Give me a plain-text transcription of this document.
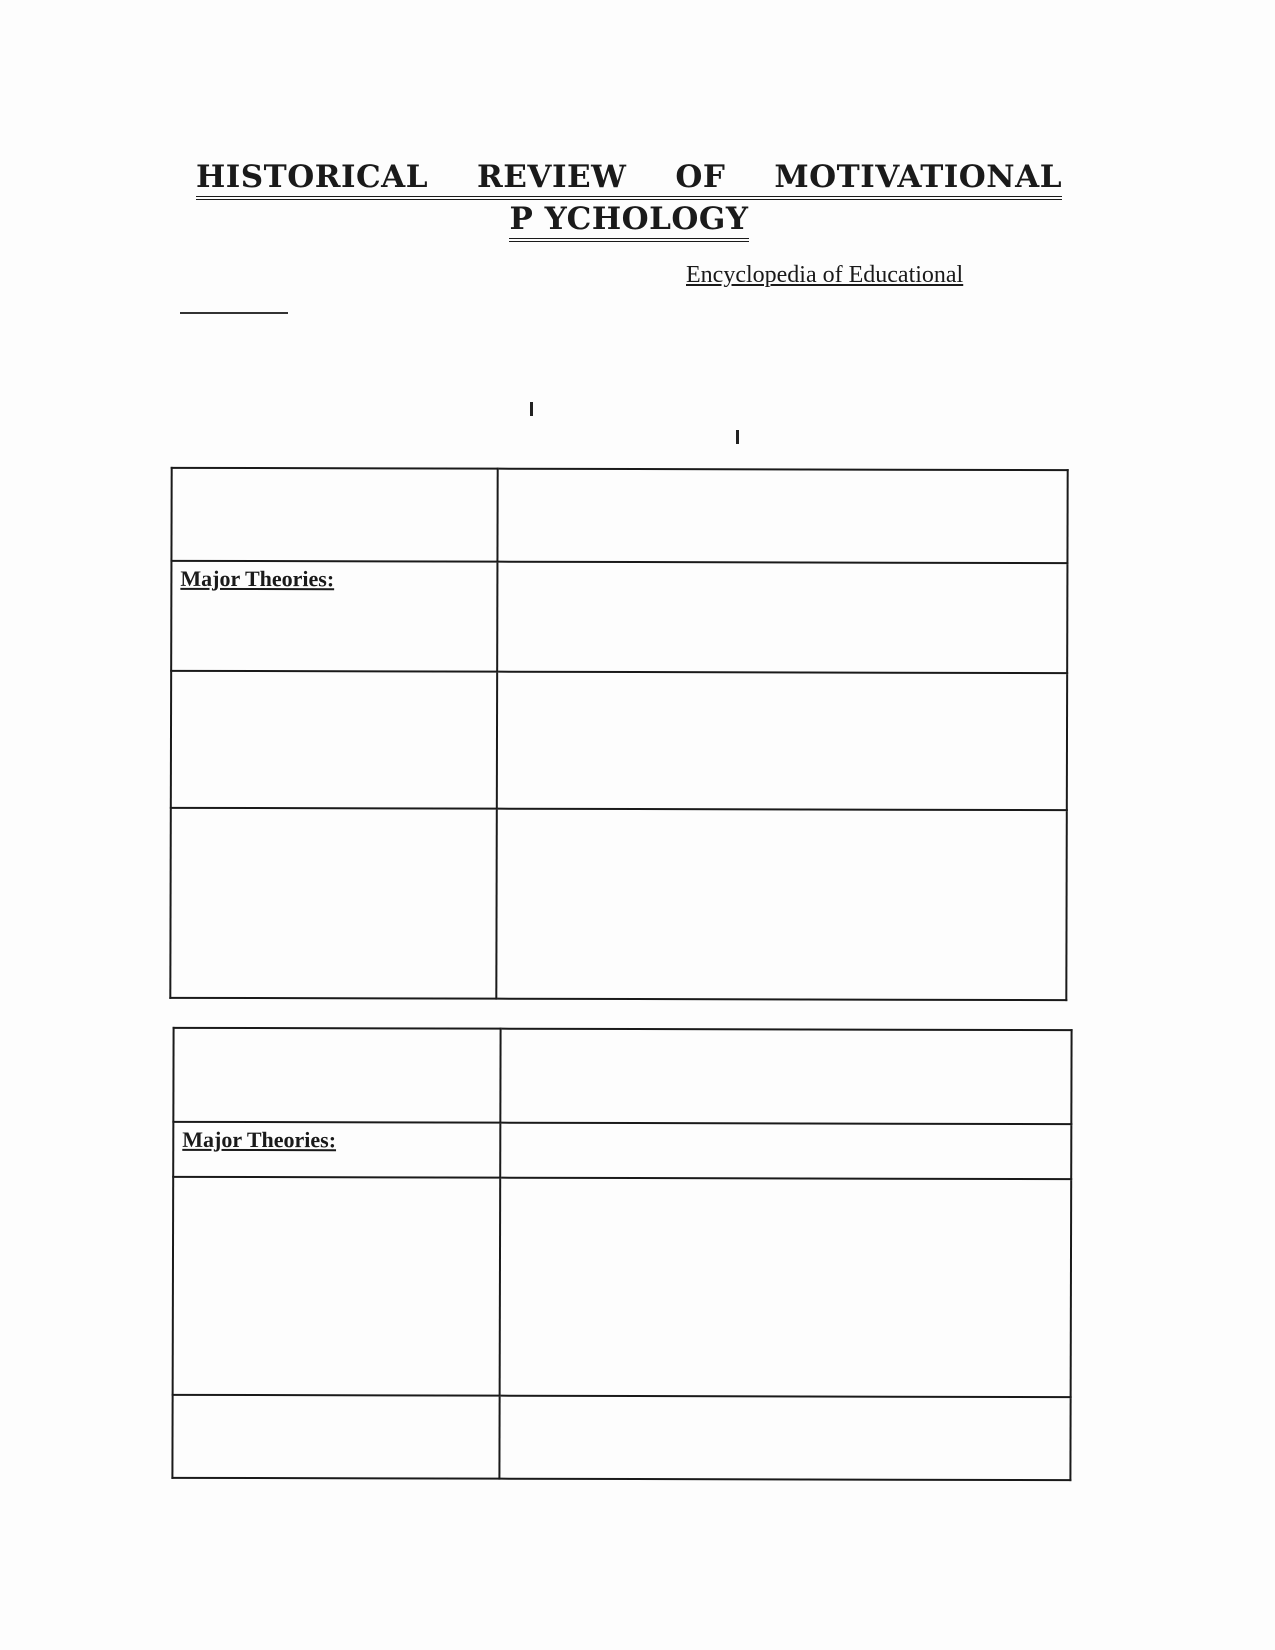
HISTORICAL REVIEW OF MOTIVATIONAL
P YCHOLOGY
Encyclopedia of Educational

Major Theories:	

Major Theories:	
